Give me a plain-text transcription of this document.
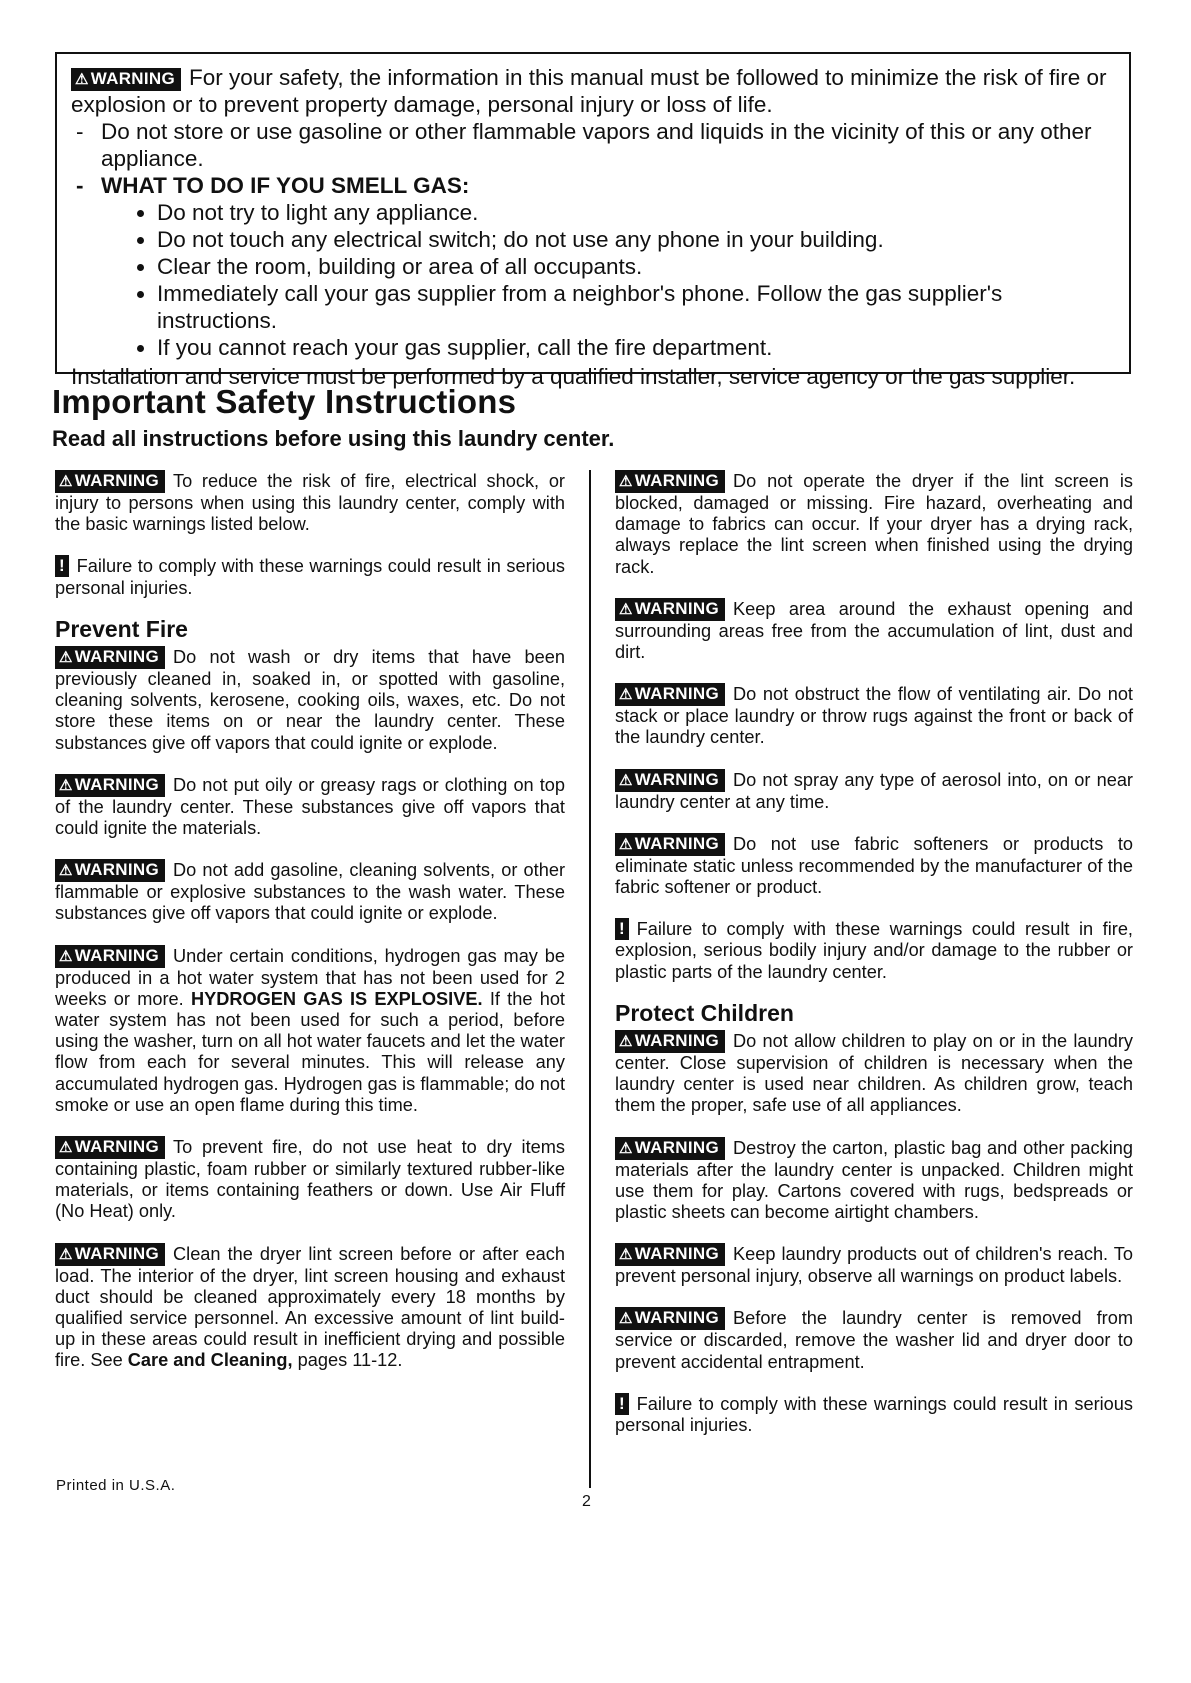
⚠ WARNING For your safety, the information in this manual must be followed to minimize the risk of fire or explosion or to prevent property damage, personal injury or loss of life.

- Do not store or use gasoline or other flammable vapors and liquids in the vicinity of this or any other appliance.

- WHAT TO DO IF YOU SMELL GAS:

• Do not try to light any appliance.
• Do not touch any electrical switch; do not use any phone in your building.
• Clear the room, building or area of all occupants.
• Immediately call your gas supplier from a neighbor's phone. Follow the gas supplier's instructions.
• If you cannot reach your gas supplier, call the fire department.

Installation and service must be performed by a qualified installer, service agency or the gas supplier.

Important Safety Instructions

Read all instructions before using this laundry center.

⚠ WARNING To reduce the risk of fire, electrical shock, or injury to persons when using this laundry center, comply with the basic warnings listed below.

! Failure to comply with these warnings could result in serious personal injuries.

Prevent Fire

⚠ WARNING Do not wash or dry items that have been previously cleaned in, soaked in, or spotted with gasoline, cleaning solvents, kerosene, cooking oils, waxes, etc. Do not store these items on or near the laundry center. These substances give off vapors that could ignite or explode.

⚠ WARNING Do not put oily or greasy rags or clothing on top of the laundry center. These substances give off vapors that could ignite the materials.

⚠ WARNING Do not add gasoline, cleaning solvents, or other flammable or explosive substances to the wash water. These substances give off vapors that could ignite or explode.

⚠ WARNING Under certain conditions, hydrogen gas may be produced in a hot water system that has not been used for 2 weeks or more. HYDROGEN GAS IS EXPLOSIVE. If the hot water system has not been used for such a period, before using the washer, turn on all hot water faucets and let the water flow from each for several minutes. This will release any accumulated hydrogen gas. Hydrogen gas is flammable; do not smoke or use an open flame during this time.

⚠ WARNING To prevent fire, do not use heat to dry items containing plastic, foam rubber or similarly textured rubber-like materials, or items containing feathers or down. Use Air Fluff (No Heat) only.

⚠ WARNING Clean the dryer lint screen before or after each load. The interior of the dryer, lint screen housing and exhaust duct should be cleaned approximately every 18 months by qualified service personnel. An excessive amount of lint build-up in these areas could result in inefficient drying and possible fire. See Care and Cleaning, pages 11-12.

⚠ WARNING Do not operate the dryer if the lint screen is blocked, damaged or missing. Fire hazard, overheating and damage to fabrics can occur. If your dryer has a drying rack, always replace the lint screen when finished using the drying rack.

⚠ WARNING Keep area around the exhaust opening and surrounding areas free from the accumulation of lint, dust and dirt.

⚠ WARNING Do not obstruct the flow of ventilating air. Do not stack or place laundry or throw rugs against the front or back of the laundry center.

⚠ WARNING Do not spray any type of aerosol into, on or near laundry center at any time.

⚠ WARNING Do not use fabric softeners or products to eliminate static unless recommended by the manufacturer of the fabric softener or product.

! Failure to comply with these warnings could result in fire, explosion, serious bodily injury and/or damage to the rubber or plastic parts of the laundry center.

Protect Children

⚠ WARNING Do not allow children to play on or in the laundry center. Close supervision of children is necessary when the laundry center is used near children. As children grow, teach them the proper, safe use of all appliances.

⚠ WARNING Destroy the carton, plastic bag and other packing materials after the laundry center is unpacked. Children might use them for play. Cartons covered with rugs, bedspreads or plastic sheets can become airtight chambers.

⚠ WARNING Keep laundry products out of children's reach. To prevent personal injury, observe all warnings on product labels.

⚠ WARNING Before the laundry center is removed from service or discarded, remove the washer lid and dryer door to prevent accidental entrapment.

! Failure to comply with these warnings could result in serious personal injuries.

Printed in U.S.A.

2
